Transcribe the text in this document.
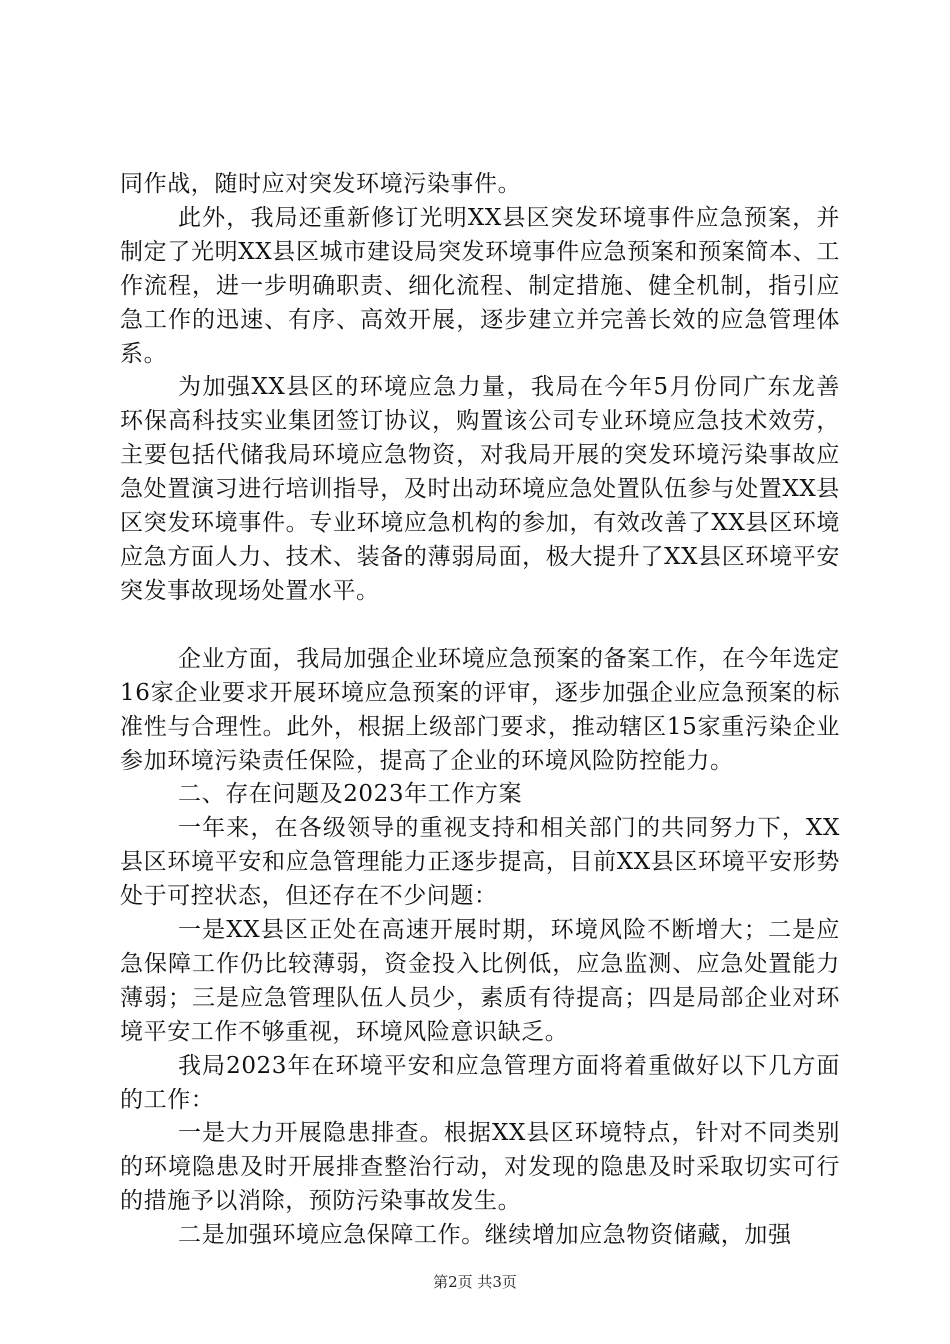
同作战，随时应对突发环境污染事件。

此外，我局还重新修订光明XX县区突发环境事件应急预案，并制定了光明XX县区城市建设局突发环境事件应急预案和预案简本、工作流程，进一步明确职责、细化流程、制定措施、健全机制，指引应急工作的迅速、有序、高效开展，逐步建立并完善长效的应急管理体系。

为加强XX县区的环境应急力量，我局在今年5月份同广东龙善环保高科技实业集团签订协议，购置该公司专业环境应急技术效劳，主要包括代储我局环境应急物资，对我局开展的突发环境污染事故应急处置演习进行培训指导，及时出动环境应急处置队伍参与处置XX县区突发环境事件。专业环境应急机构的参加，有效改善了XX县区环境应急方面人力、技术、装备的薄弱局面，极大提升了XX县区环境平安突发事故现场处置水平。

企业方面，我局加强企业环境应急预案的备案工作，在今年选定16家企业要求开展环境应急预案的评审，逐步加强企业应急预案的标准性与合理性。此外，根据上级部门要求，推动辖区15家重污染企业参加环境污染责任保险，提高了企业的环境风险防控能力。

二、存在问题及2023年工作方案

一年来，在各级领导的重视支持和相关部门的共同努力下，XX县区环境平安和应急管理能力正逐步提高，目前XX县区环境平安形势处于可控状态，但还存在不少问题：

一是XX县区正处在高速开展时期，环境风险不断增大；二是应急保障工作仍比较薄弱，资金投入比例低，应急监测、应急处置能力薄弱；三是应急管理队伍人员少，素质有待提高；四是局部企业对环境平安工作不够重视，环境风险意识缺乏。

我局2023年在环境平安和应急管理方面将着重做好以下几方面的工作：

一是大力开展隐患排查。根据XX县区环境特点，针对不同类别的环境隐患及时开展排查整治行动，对发现的隐患及时采取切实可行的措施予以消除，预防污染事故发生。

二是加强环境应急保障工作。继续增加应急物资储藏，加强

第2页 共3页
